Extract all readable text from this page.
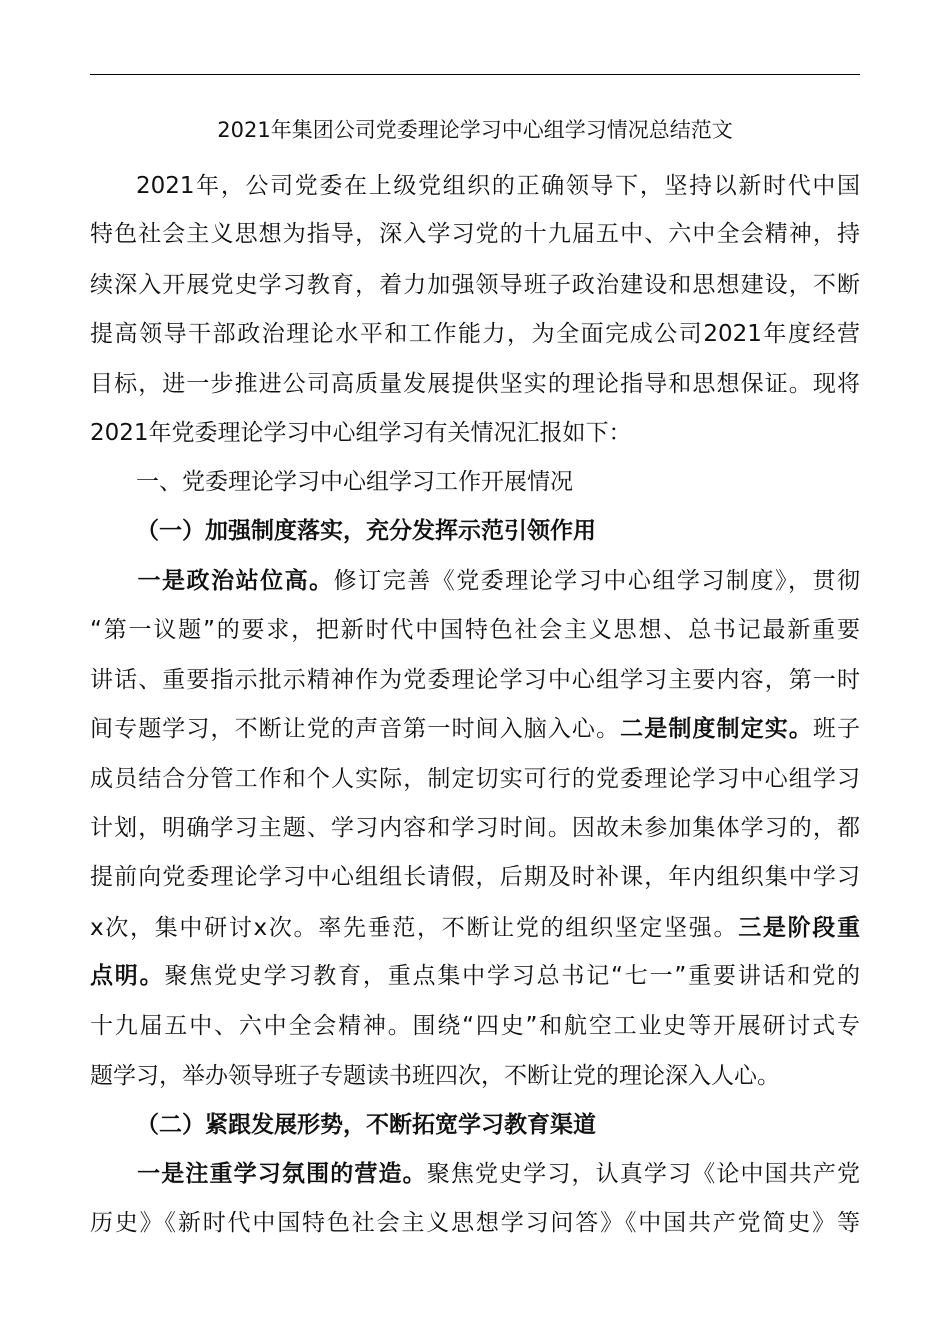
2021年集团公司党委理论学习中心组学习情况总结范文
  2021年，公司党委在上级党组织的正确领导下，坚持以新时代中国
特色社会主义思想为指导，深入学习党的十九届五中、六中全会精神，持
续深入开展党史学习教育，着力加强领导班子政治建设和思想建设，不断
提高领导干部政治理论水平和工作能力，为全面完成公司2021年度经营
目标，进一步推进公司高质量发展提供坚实的理论指导和思想保证。现将
2021年党委理论学习中心组学习有关情况汇报如下：
  一、党委理论学习中心组学习工作开展情况
  （一）加强制度落实，充分发挥示范引领作用
  一是政治站位高。修订完善《党委理论学习中心组学习制度》，贯彻
“第一议题”的要求，把新时代中国特色社会主义思想、总书记最新重要
讲话、重要指示批示精神作为党委理论学习中心组学习主要内容，第一时
间专题学习，不断让党的声音第一时间入脑入心。二是制度制定实。班子
成员结合分管工作和个人实际，制定切实可行的党委理论学习中心组学习
计划，明确学习主题、学习内容和学习时间。因故未参加集体学习的，都
提前向党委理论学习中心组组长请假，后期及时补课，年内组织集中学习
x次，集中研讨x次。率先垂范，不断让党的组织坚定坚强。三是阶段重
点明。聚焦党史学习教育，重点集中学习总书记“七一”重要讲话和党的
十九届五中、六中全会精神。围绕“四史”和航空工业史等开展研讨式专
题学习，举办领导班子专题读书班四次，不断让党的理论深入人心。
  （二）紧跟发展形势，不断拓宽学习教育渠道
  一是注重学习氛围的营造。聚焦党史学习，认真学习《论中国共产党
历史》《新时代中国特色社会主义思想学习问答》《中国共产党简史》等
